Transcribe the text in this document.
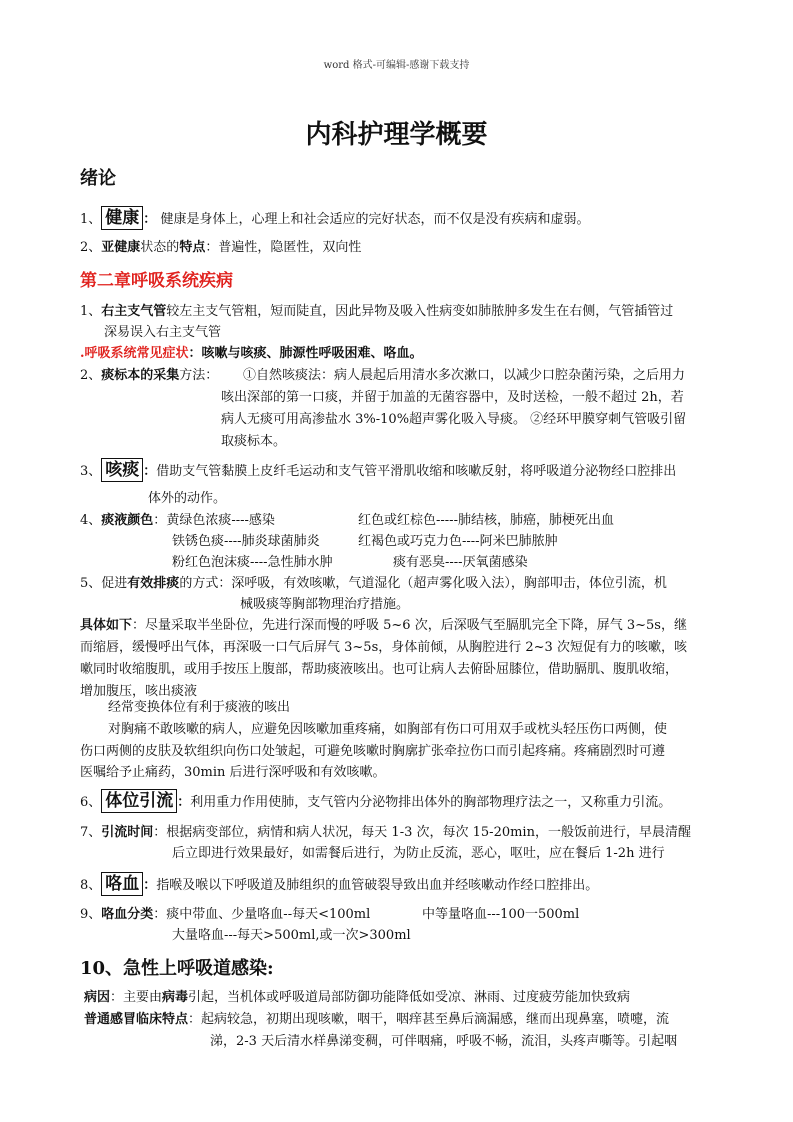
word 格式-可编辑-感谢下载支持
内科护理学概要
绪论
1、 健康 ： 健康是身体上，心理上和社会适应的完好状态，而不仅是没有疾病和虚弱。
2、亚健康状态的特点：普遍性，隐匿性，双向性
第二章呼吸系统疾病
1、右主支气管较左主支气管粗，短而陡直，因此异物及吸入性病变如肺脓肿多发生在右侧，气管插管过
深易误入右主支气管
.呼吸系统常见症状：咳嗽与咳痰、肺源性呼吸困难、咯血。
2、痰标本的采集方法： ①自然咳痰法：病人晨起后用清水多次漱口，以减少口腔杂菌污染，之后用力
咳出深部的第一口痰，并留于加盖的无菌容器中，及时送检，一般不超过 2h，若
病人无痰可用高渗盐水 3%-10%超声雾化吸入导痰。 ②经环甲膜穿刺气管吸引留
取痰标本。
3、 咳痰 ：借助支气管黏膜上皮纤毛运动和支气管平滑肌收缩和咳嗽反射，将呼吸道分泌物经口腔排出
体外的动作。
4、痰液颜色：黄绿色浓痰----感染	红色或红棕色-----肺结核，肺癌，肺梗死出血
铁锈色痰----肺炎球菌肺炎	红褐色或巧克力色----阿米巴肺脓肿
粉红色泡沫痰----急性肺水肿	痰有恶臭----厌氧菌感染
5、促进有效排痰的方式：深呼吸，有效咳嗽，气道湿化（超声雾化吸入法），胸部叩击，体位引流，机
械吸痰等胸部物理治疗措施。
具体如下：尽量采取半坐卧位，先进行深而慢的呼吸 5~6 次，后深吸气至膈肌完全下降，屏气 3~5s，继
而缩唇，缓慢呼出气体，再深吸一口气后屏气 3~5s，身体前倾，从胸腔进行 2~3 次短促有力的咳嗽，咳
嗽同时收缩腹肌，或用手按压上腹部，帮助痰液咳出。也可让病人去俯卧屈膝位，借助膈肌、腹肌收缩，
增加腹压，咳出痰液
经常变换体位有利于痰液的咳出
对胸痛不敢咳嗽的病人，应避免因咳嗽加重疼痛，如胸部有伤口可用双手或枕头轻压伤口两侧，使
伤口两侧的皮肤及软组织向伤口处皱起，可避免咳嗽时胸廓扩张牵拉伤口而引起疼痛。疼痛剧烈时可遵
医嘱给予止痛药，30min 后进行深呼吸和有效咳嗽。
6、 体位引流 ：利用重力作用使肺，支气管内分泌物排出体外的胸部物理疗法之一，又称重力引流。
7、引流时间：根据病变部位，病情和病人状况，每天 1-3 次，每次 15-20min，一般饭前进行，早晨清醒
后立即进行效果最好，如需餐后进行，为防止反流，恶心，呕吐，应在餐后 1-2h 进行
8、 咯血 ：指喉及喉以下呼吸道及肺组织的血管破裂导致出血并经咳嗽动作经口腔排出。
9、咯血分类：痰中带血、少量咯血--每天<100ml	中等量咯血---100一500ml
大量咯血---每天>500ml,或一次>300ml
10、急性上呼吸道感染:
病因：主要由病毒引起，当机体或呼吸道局部防御功能降低如受凉、淋雨、过度疲劳能加快致病
普通感冒临床特点：起病较急，初期出现咳嗽，咽干，咽痒甚至鼻后滴漏感，继而出现鼻塞，喷嚏，流
涕，2-3 天后清水样鼻涕变稠，可伴咽痛，呼吸不畅，流泪，头疼声嘶等。引起咽
